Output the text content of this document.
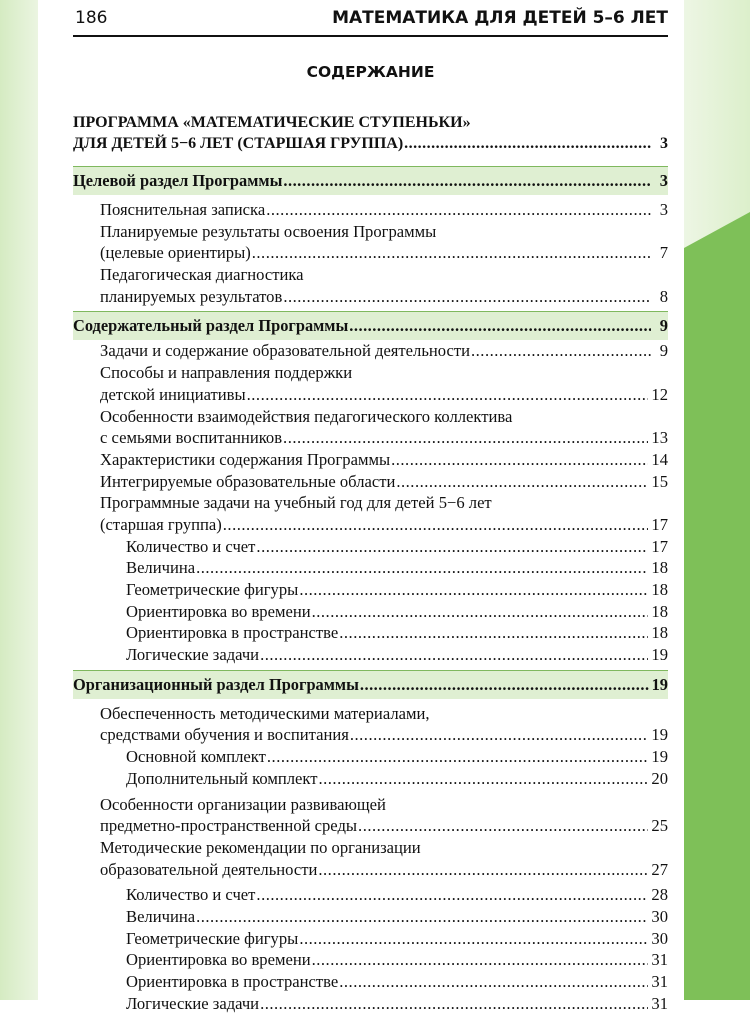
186	МАТЕМАТИКА ДЛЯ ДЕТЕЙ 5–6 ЛЕТ
СОДЕРЖАНИЕ
ПРОГРАММА «МАТЕМАТИЧЕСКИЕ СТУПЕНЬКИ»
ДЛЯ ДЕТЕЙ 5−6 ЛЕТ (СТАРШАЯ ГРУППА) .....	3
Целевой раздел Программы .....	3
Пояснительная записка .....	3
Планируемые результаты освоения Программы
(целевые ориентиры) .....	7
Педагогическая диагностика
планируемых результатов .....	8
Содержательный раздел Программы .....	9
Задачи и содержание образовательной деятельности .....	9
Способы и направления поддержки
детской инициативы .....	12
Особенности взаимодействия педагогического коллектива
с семьями воспитанников .....	13
Характеристики содержания Программы .....	14
Интегрируемые образовательные области .....	15
Программные задачи на учебный год для детей 5−6 лет
(старшая группа) .....	17
Количество и счет .....	17
Величина .....	18
Геометрические фигуры .....	18
Ориентировка во времени .....	18
Ориентировка в пространстве .....	18
Логические задачи .....	19
Организационный раздел Программы .....	19
Обеспеченность методическими материалами,
средствами обучения и воспитания .....	19
Основной комплект .....	19
Дополнительный комплект .....	20
Особенности организации развивающей
предметно-пространственной среды .....	25
Методические рекомендации по организации
образовательной деятельности .....	27
Количество и счет .....	28
Величина .....	30
Геометрические фигуры .....	30
Ориентировка во времени .....	31
Ориентировка в пространстве .....	31
Логические задачи .....	31
